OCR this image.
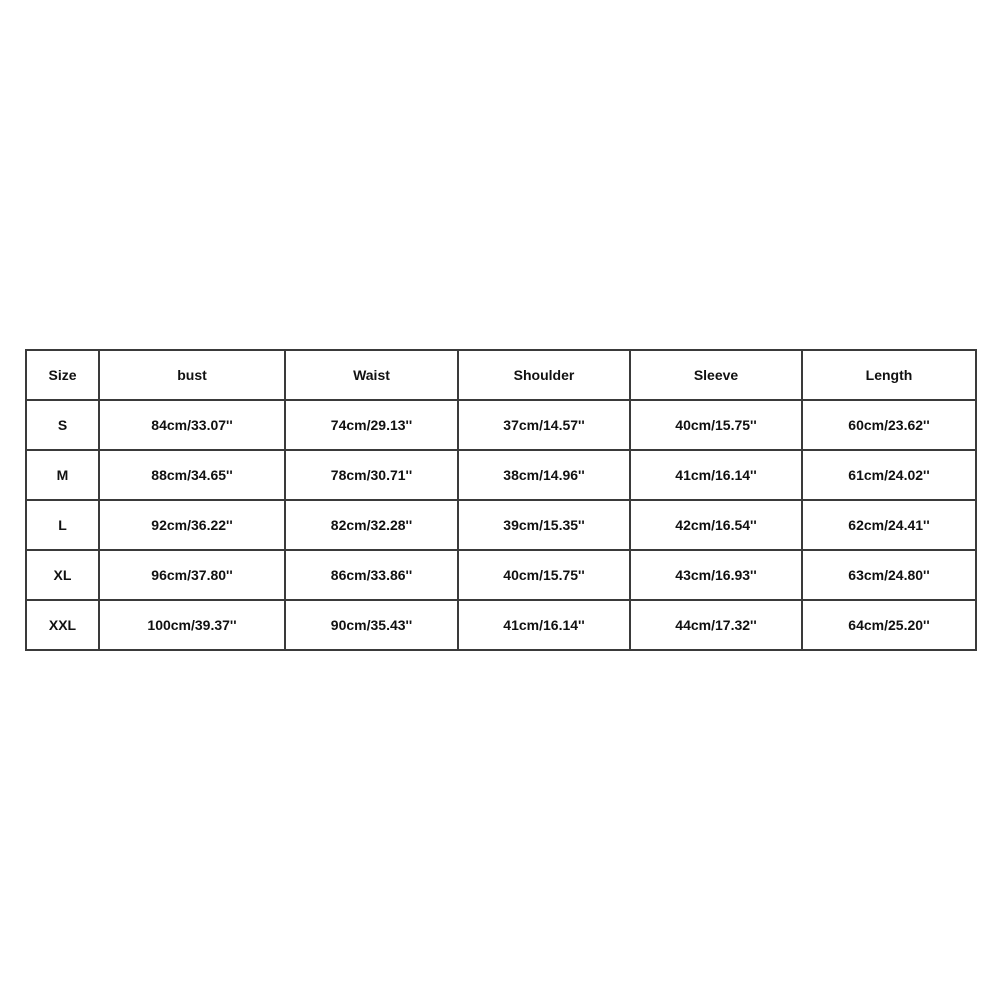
Size	bust	Waist	Shoulder	Sleeve	Length
S	84cm/33.07''	74cm/29.13''	37cm/14.57''	40cm/15.75''	60cm/23.62''
M	88cm/34.65''	78cm/30.71''	38cm/14.96''	41cm/16.14''	61cm/24.02''
L	92cm/36.22''	82cm/32.28''	39cm/15.35''	42cm/16.54''	62cm/24.41''
XL	96cm/37.80''	86cm/33.86''	40cm/15.75''	43cm/16.93''	63cm/24.80''
XXL	100cm/39.37''	90cm/35.43''	41cm/16.14''	44cm/17.32''	64cm/25.20''
